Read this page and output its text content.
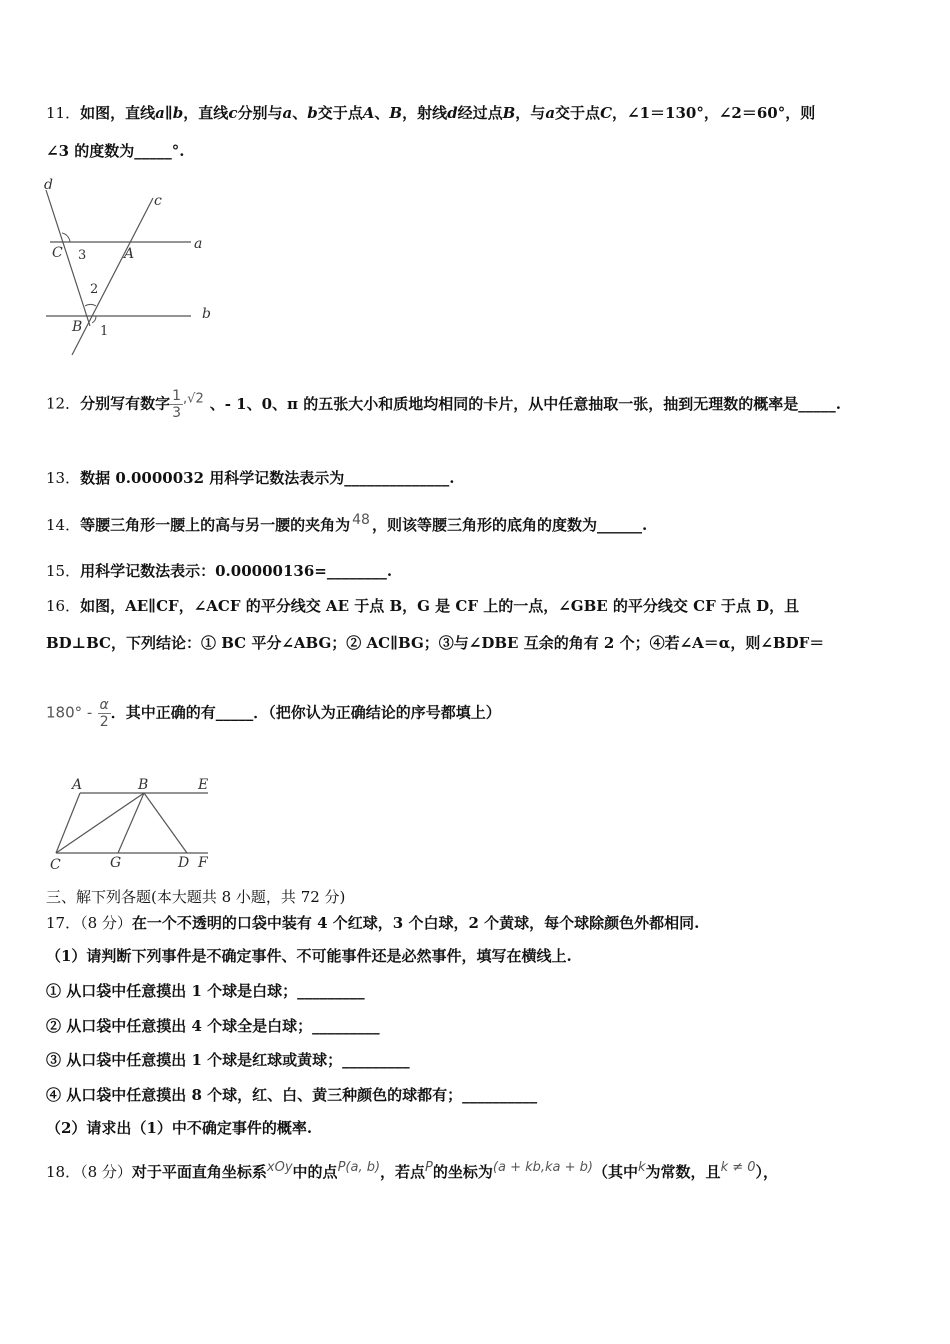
11．如图，直线a∥b，直线c分别与a、b交于点A、B，射线d经过点B，与a交于点C，∠1＝130°，∠2＝60°，则
∠3 的度数为_____°.
d
c
C 3	A
a
2
B 1
b
12．分别写有数字 $\frac{1}{3} ,√2$ 、- 1、0、π 的五张大小和质地均相同的卡片，从中任意抽取一张，抽到无理数的概率是_____.
13．数据 0.0000032 用科学记数法表示为______________.
14．等腰三角形一腰上的高与另一腰的夹角为 48 ，则该等腰三角形的底角的度数为______.
15．用科学记数法表示：0.00000136=________.
16．如图，AE∥CF，∠ACF 的平分线交 AE 于点 B，G 是 CF 上的一点，∠GBE 的平分线交 CF 于点 D，且
BD⊥BC，下列结论：① BC 平分∠ABG；② AC∥BG；③与∠DBE 互余的角有 2 个；④若∠A＝α，则∠BDF＝
$180^\circ - \frac{\alpha}{2}$ ．其中正确的有_____．（把你认为正确结论的序号都填上）
A	B	E
C	G	D F
三、解下列各题(本大题共 8 小题，共 72 分)
17．（8 分）在一个不透明的口袋中装有 4 个红球，3 个白球，2 个黄球，每个球除颜色外都相同.
（1）请判断下列事件是不确定事件、不可能事件还是必然事件，填写在横线上.
① 从口袋中任意摸出 1 个球是白球；_________
② 从口袋中任意摸出 4 个球全是白球；_________
③ 从口袋中任意摸出 1 个球是红球或黄球；_________
④ 从口袋中任意摸出 8 个球，红、白、黄三种颜色的球都有；__________
（2）请求出（1）中不确定事件的概率.
18．（8 分）对于平面直角坐标系xOy中的点P(a, b)，若点P的坐标为(a + kb,ka + b)（其中k为常数，且k ≠ 0），
